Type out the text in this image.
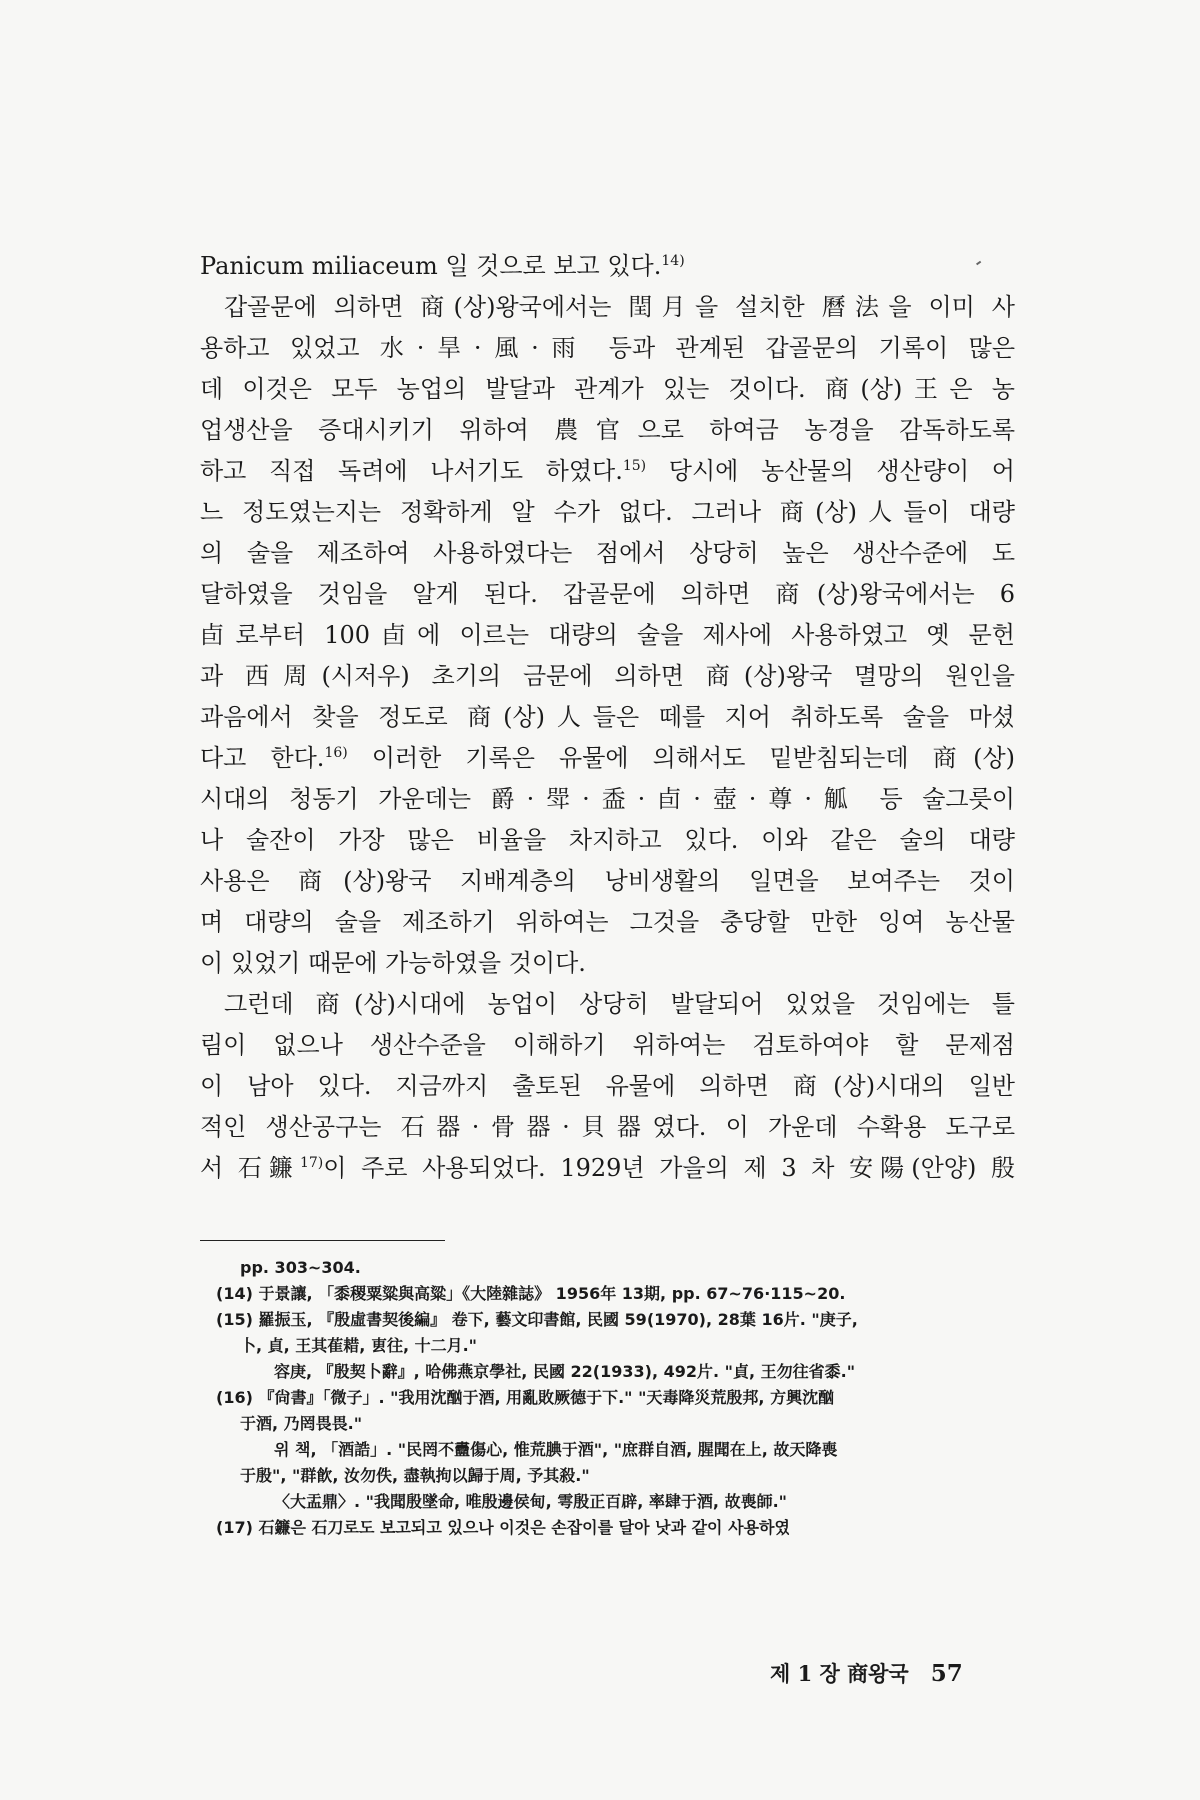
Panicum miliaceum 일 것으로 보고 있다.$^{14)}$

갑골문에 의하면 商(상)왕국에서는 閏月을 설치한 曆法을 이미 사
용하고 있었고 水·旱·風·雨 등과 관계된 갑골문의 기록이 많은
데 이것은 모두 농업의 발달과 관계가 있는 것이다. 商(상)王은 농
업생산을 증대시키기 위하여 農官으로 하여금 농경을 감독하도록
하고 직접 독려에 나서기도 하였다.$^{15)}$ 당시에 농산물의 생산량이 어
느 정도였는지는 정확하게 알 수가 없다. 그러나 商(상)人들이 대량
의 술을 제조하여 사용하였다는 점에서 상당히 높은 생산수준에 도
달하였을 것임을 알게 된다. 갑골문에 의하면 商(상)왕국에서는 6
卣로부터 100卣에 이르는 대량의 술을 제사에 사용하였고 옛 문헌
과 西周(시저우) 초기의 금문에 의하면 商(상)왕국 멸망의 원인을
과음에서 찾을 정도로 商(상)人들은 떼를 지어 취하도록 술을 마셨
다고 한다.$^{16)}$ 이러한 기록은 유물에 의해서도 밑받침되는데 商(상)
시대의 청동기 가운데는 爵·斝·盉·卣·壺·尊·觚 등 술그릇이
나 술잔이 가장 많은 비율을 차지하고 있다. 이와 같은 술의 대량
사용은 商(상)왕국 지배계층의 낭비생활의 일면을 보여주는 것이
며 대량의 술을 제조하기 위하여는 그것을 충당할 만한 잉여 농산물
이 있었기 때문에 가능하였을 것이다.

그런데 商(상)시대에 농업이 상당히 발달되어 있었을 것임에는 틀
림이 없으나 생산수준을 이해하기 위하여는 검토하여야 할 문제점
이 남아 있다. 지금까지 출토된 유물에 의하면 商(상)시대의 일반
적인 생산공구는 石器·骨器·貝器였다. 이 가운데 수확용 도구로
서 石鐮$^{17)}$이 주로 사용되었다. 1929년 가을의 제 3 차 安陽(안양) 殷

pp. 303∼304.
(14) 于景讓, 「黍稷粟粱與高粱」《大陸雜誌》 1956年 13期, pp. 67∼76·115∼20.
(15) 羅振玉, 『殷虛書契後編』 卷下, 藝文印書館, 民國 59(1970), 28葉 16片. "庚子,
卜, 貞, 王其萑耤, 叀往, 十二月."
容庚, 『殷契卜辭』, 哈佛燕京學社, 民國 22(1933), 492片. "貞, 王勿往省黍."
(16) 『尙書』「微子」. "我用沈酗于酒, 用亂敗厥德于下." "天毒降災荒殷邦, 方興沈酗
于酒, 乃罔畏畏."
위 책, 「酒誥」. "民罔不衋傷心, 惟荒腆于酒", "庶群自酒, 腥聞在上, 故天降喪
于殷", "群飮, 汝勿佚, 盡執拘以歸于周, 予其殺."
〈大盂鼎〉. "我聞殷墜命, 唯殷邊侯甸, 雩殷正百辟, 率肆于酒, 故喪師."
(17) 石鐮은 石刀로도 보고되고 있으나 이것은 손잡이를 달아 낫과 같이 사용하였
제 1 장 商왕국 57
